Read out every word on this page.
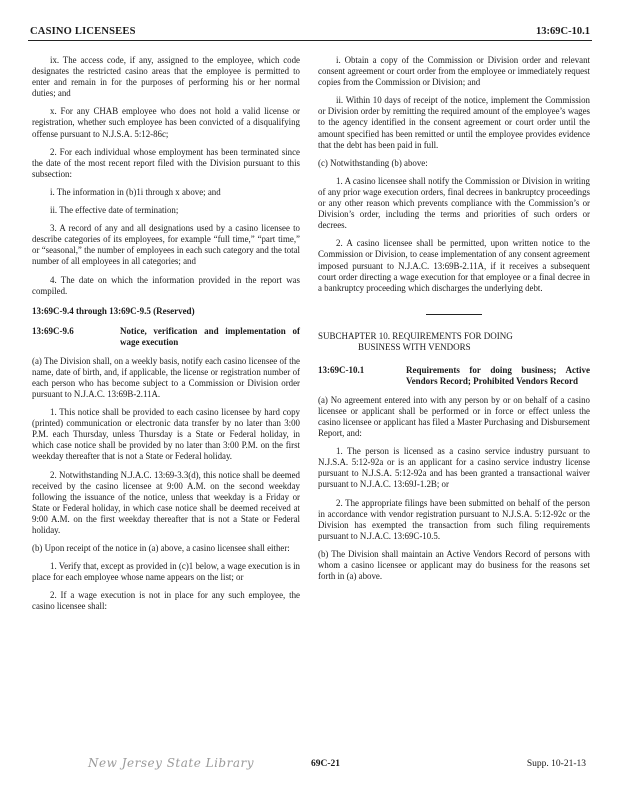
CASINO LICENSEES	13:69C-10.1

ix. The access code, if any, assigned to the employee, which code designates the restricted casino areas that the employee is permitted to enter and remain in for the purposes of performing his or her normal duties; and

x. For any CHAB employee who does not hold a valid license or registration, whether such employee has been convicted of a disqualifying offense pursuant to N.J.S.A. 5:12-86c;

2. For each individual whose employment has been terminated since the date of the most recent report filed with the Division pursuant to this subsection:

i. The information in (b)1i through x above; and

ii. The effective date of termination;

3. A record of any and all designations used by a casino licensee to describe categories of its employees, for example “full time,” “part time,” or “seasonal,” the number of employees in each such category and the total number of all employees in all categories; and

4. The date on which the information provided in the report was compiled.

13:69C-9.4 through 13:69C-9.5 (Reserved)
13:69C-9.6	Notice, verification and implementation of wage execution

(a) The Division shall, on a weekly basis, notify each casino licensee of the name, date of birth, and, if applicable, the license or registration number of each person who has become subject to a Commission or Division order pursuant to N.J.A.C. 13:69B-2.11A.

1. This notice shall be provided to each casino licensee by hard copy (printed) communication or electronic data transfer by no later than 3:00 P.M. each Thursday, unless Thursday is a State or Federal holiday, in which case notice shall be provided by no later than 3:00 P.M. on the first weekday thereafter that is not a State or Federal holiday.

2. Notwithstanding N.J.A.C. 13:69-3.3(d), this notice shall be deemed received by the casino licensee at 9:00 A.M. on the second weekday following the issuance of the notice, unless that weekday is a Friday or State or Federal holiday, in which case notice shall be deemed received at 9:00 A.M. on the first weekday thereafter that is not a State or Federal holiday.

(b) Upon receipt of the notice in (a) above, a casino licensee shall either:

1. Verify that, except as provided in (c)1 below, a wage execution is in place for each employee whose name appears on the list; or

2. If a wage execution is not in place for any such employee, the casino licensee shall:

i. Obtain a copy of the Commission or Division order and relevant consent agreement or court order from the employee or immediately request copies from the Commission or Division; and

ii. Within 10 days of receipt of the notice, implement the Commission or Division order by remitting the required amount of the employee’s wages to the agency identified in the consent agreement or court order until the amount specified has been remitted or until the employee provides evidence that the debt has been paid in full.

(c) Notwithstanding (b) above:

1. A casino licensee shall notify the Commission or Division in writing of any prior wage execution orders, final decrees in bankruptcy proceedings or any other reason which prevents compliance with the Commission’s or Division’s order, including the terms and priorities of such orders or decrees.

2. A casino licensee shall be permitted, upon written notice to the Commission or Division, to cease implementation of any consent agreement imposed pursuant to N.J.A.C. 13:69B-2.11A, if it receives a subsequent court order directing a wage execution for that employee or a final decree in a bankruptcy proceeding which discharges the underlying debt.

SUBCHAPTER 10. REQUIREMENTS FOR DOING
BUSINESS WITH VENDORS
13:69C-10.1	Requirements for doing business; Active Vendors Record; Prohibited Vendors Record

(a) No agreement entered into with any person by or on behalf of a casino licensee or applicant shall be performed or in force or effect unless the casino licensee or applicant has filed a Master Purchasing and Disbursement Report, and:

1. The person is licensed as a casino service industry pursuant to N.J.S.A. 5:12-92a or is an applicant for a casino service industry license pursuant to N.J.S.A. 5:12-92a and has been granted a transactional waiver pursuant to N.J.A.C. 13:69J-1.2B; or

2. The appropriate filings have been submitted on behalf of the person in accordance with vendor registration pursuant to N.J.S.A. 5:12-92c or the Division has exempted the transaction from such filing requirements pursuant to N.J.A.C. 13:69C-10.5.

(b) The Division shall maintain an Active Vendors Record of persons with whom a casino licensee or applicant may do business for the reasons set forth in (a) above.

New Jersey State Library	69C-21	Supp. 10-21-13
